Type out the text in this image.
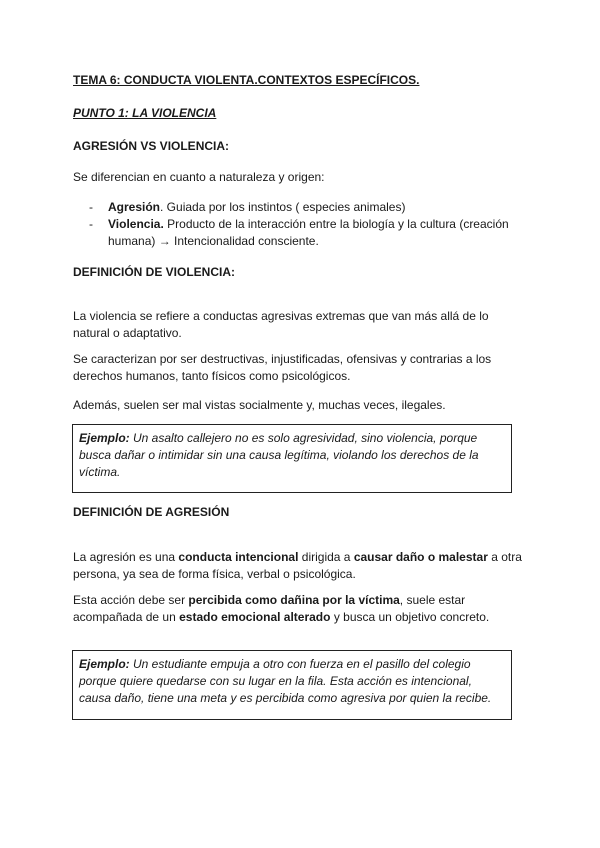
TEMA 6: CONDUCTA VIOLENTA.CONTEXTOS ESPECÍFICOS.
PUNTO 1: LA VIOLENCIA
AGRESIÓN VS VIOLENCIA:
Se diferencian en cuanto a naturaleza y origen:
- Agresión. Guiada por los instintos ( especies animales)
- Violencia. Producto de la interacción entre la biología y la cultura (creación humana) → Intencionalidad consciente.
DEFINICIÓN DE VIOLENCIA:

La violencia se refiere a conductas agresivas extremas que van más allá de lo natural o adaptativo.

Se caracterizan por ser destructivas, injustificadas, ofensivas y contrarias a los derechos humanos, tanto físicos como psicológicos.

Además, suelen ser mal vistas socialmente y, muchas veces, ilegales.

Ejemplo: Un asalto callejero no es solo agresividad, sino violencia, porque busca dañar o intimidar sin una causa legítima, violando los derechos de la víctima.
DEFINICIÓN DE AGRESIÓN

La agresión es una conducta intencional dirigida a causar daño o malestar a otra persona, ya sea de forma física, verbal o psicológica.

Esta acción debe ser percibida como dañina por la víctima, suele estar acompañada de un estado emocional alterado y busca un objetivo concreto.

Ejemplo: Un estudiante empuja a otro con fuerza en el pasillo del colegio porque quiere quedarse con su lugar en la fila. Esta acción es intencional, causa daño, tiene una meta y es percibida como agresiva por quien la recibe.
